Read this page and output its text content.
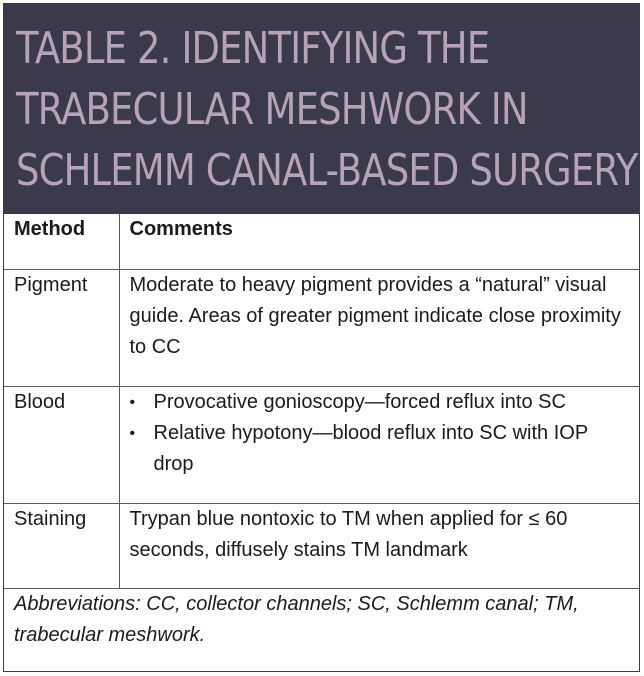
TABLE 2. IDENTIFYING THE
TRABECULAR MESHWORK IN
SCHLEMM CANAL-BASED SURGERY
Method	Comments
Pigment	Moderate to heavy pigment provides a “natural” visual guide. Areas of greater pigment indicate close proximity to CC
Blood	• Provocative gonioscopy—forced reflux into SC
• Relative hypotony—blood reflux into SC with IOP drop

Staining	Trypan blue nontoxic to TM when applied for ≤ 60 seconds, diffusely stains TM landmark
Abbreviations: CC, collector channels; SC, Schlemm canal; TM, trabecular meshwork.	
